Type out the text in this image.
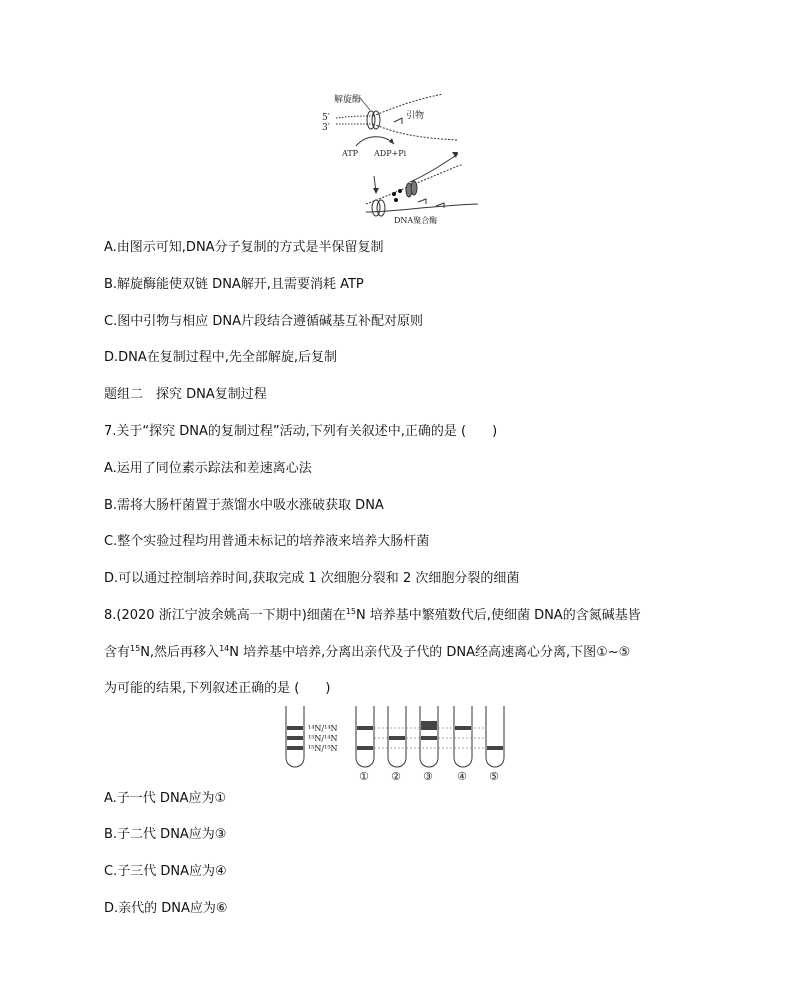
解旋酶
5′
3′
引物
ATP ADP+Pi
DNA聚合酶
A.由图示可知,DNA分子复制的方式是半保留复制
B.解旋酶能使双链 DNA解开,且需要消耗 ATP
C.图中引物与相应 DNA片段结合遵循碱基互补配对原则
D.DNA在复制过程中,先全部解旋,后复制
题组二　探究 DNA复制过程
7.关于“探究 DNA的复制过程”活动,下列有关叙述中,正确的是 (　　)
A.运用了同位素示踪法和差速离心法
B.需将大肠杆菌置于蒸馏水中吸水涨破获取 DNA
C.整个实验过程均用普通未标记的培养液来培养大肠杆菌
D.可以通过控制培养时间,获取完成 1 次细胞分裂和 2 次细胞分裂的细菌
8.(2020 浙江宁波余姚高一下期中)细菌在$^{15}$N 培养基中繁殖数代后,使细菌 DNA的含氮碱基皆
含有$^{15}$N,然后再移入$^{14}$N 培养基中培养,分离出亲代及子代的 DNA经高速离心分离,下图①~⑤
为可能的结果,下列叙述正确的是 (　　)
¹⁴N/¹⁴N
¹⁵N/¹⁴N
¹⁵N/¹⁵N
① ② ③ ④ ⑤
A.子一代 DNA应为①
B.子二代 DNA应为③
C.子三代 DNA应为④
D.亲代的 DNA应为⑥
